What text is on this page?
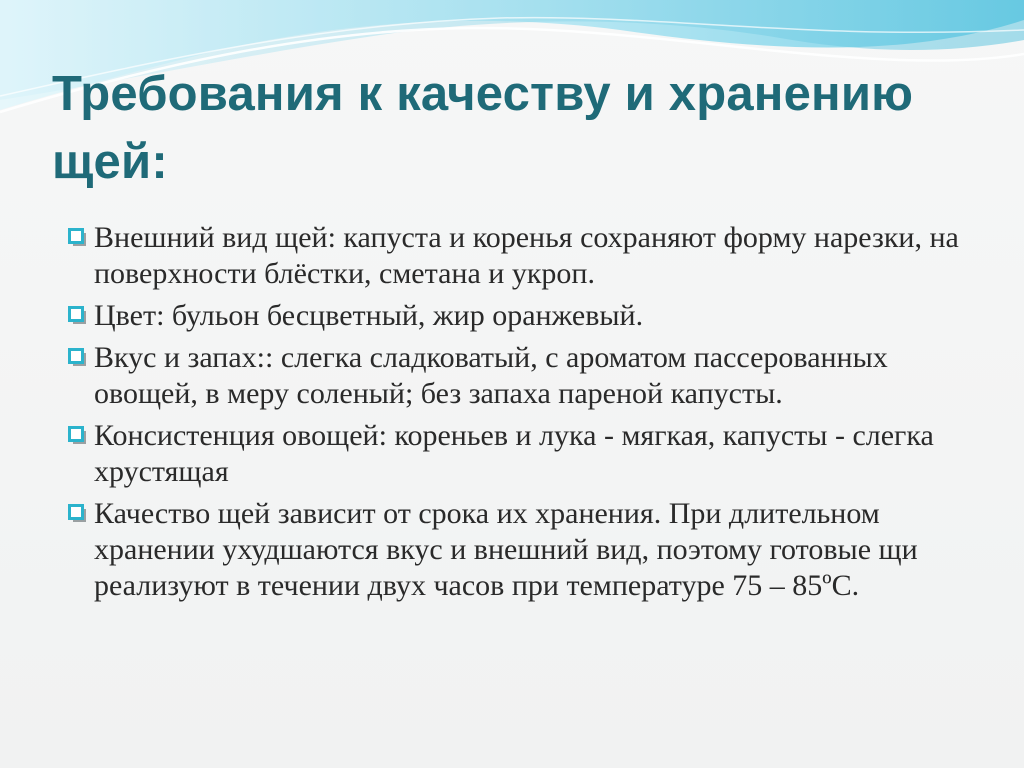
Требования к качеству и хранению щей:
Внешний вид щей: капуста и коренья сохраняют форму нарезки, на поверхности блёстки, сметана и укроп.
Цвет: бульон бесцветный, жир оранжевый.
Вкус и запах:: слегка сладковатый, с ароматом пассерованных овощей, в меру соленый; без запаха пареной капусты.
Консистенция овощей: кореньев и лука - мягкая, капусты - слегка хрустящая
Качество щей зависит от срока их хранения. При длительном хранении ухудшаются вкус и внешний вид, поэтому готовые щи реализуют в течении двух часов при температуре 75 – 85ºС.
